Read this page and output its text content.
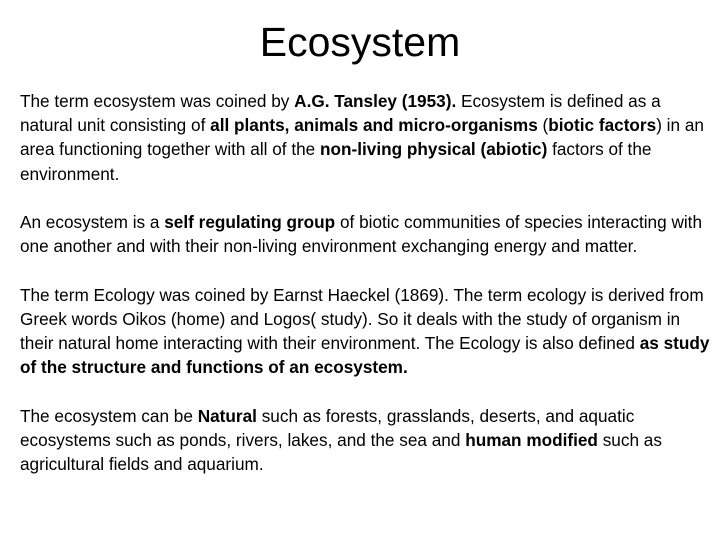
Ecosystem

The term ecosystem was coined by A.G. Tansley (1953). Ecosystem is defined as a natural unit consisting of all plants, animals and micro-organisms (biotic factors) in an area functioning together with all of the non-living physical (abiotic) factors of the environment.

An ecosystem is a self regulating group of biotic communities of species interacting with one another and with their non-living environment exchanging energy and matter.

The term Ecology was coined by Earnst Haeckel (1869). The term ecology is derived from Greek words Oikos (home) and Logos( study). So it deals with the study of organism in their natural home interacting with their environment. The Ecology is also defined as study of the structure and functions of an ecosystem.

The ecosystem can be Natural such as forests, grasslands, deserts, and aquatic ecosystems such as ponds, rivers, lakes, and the sea and human modified such as agricultural fields and aquarium.
